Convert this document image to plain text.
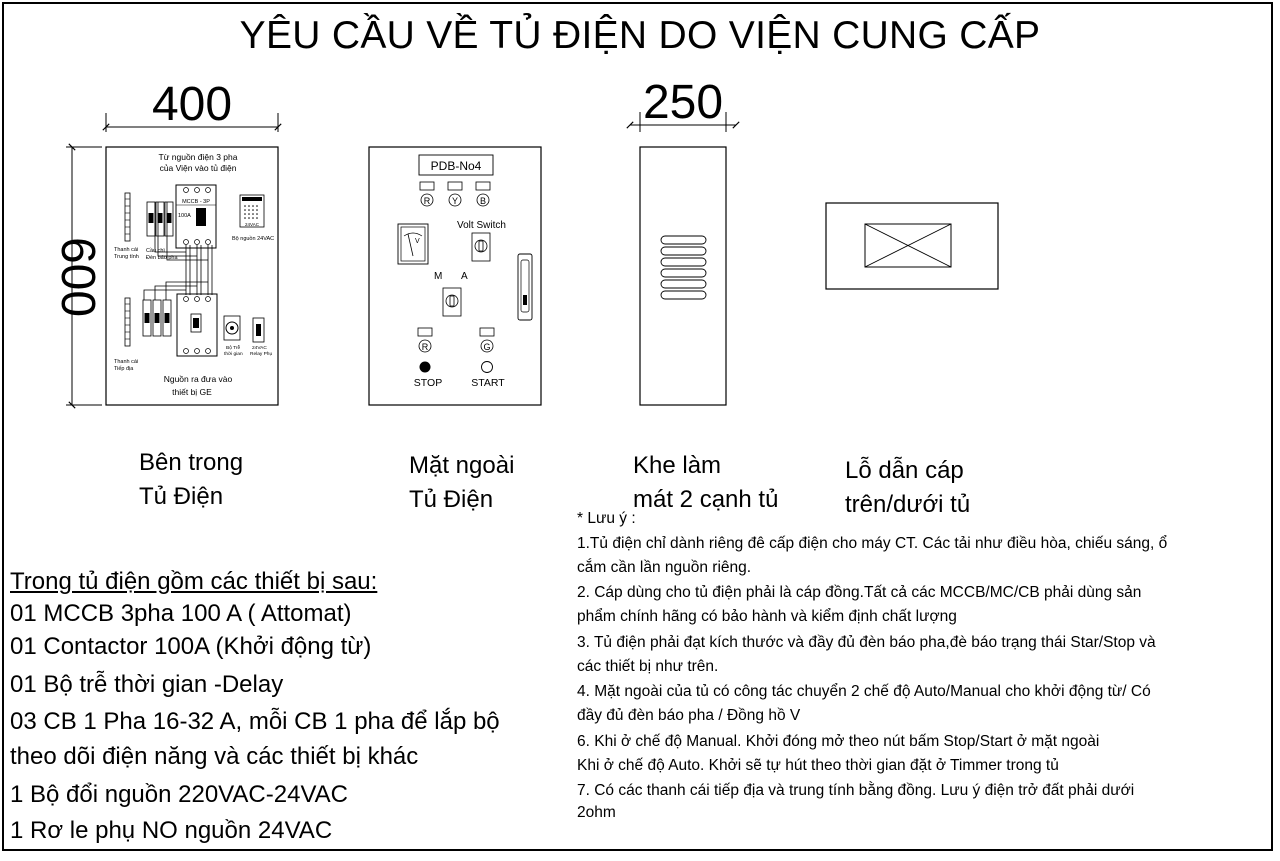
YÊU CẦU VỀ TỦ ĐIỆN DO VIỆN CUNG CẤP
400
600
250
Từ nguồn điện 3 pha
của Viện vào tủ điện
Thanh cái
Trung tính
Cầu chì
Đèn báo pha
MCCB - 3P
100A
24VAC
Bộ nguồn 24VAC
Thanh cái
Tiếp địa
Bộ Trễ
thời gian
24VAC
Relay Phụ
Nguồn ra đưa vào
thiết bị GE
PDB-No4
R Y B
Volt Switch
V
M A
R	G
STOP	START
Bên trong
Tủ Điện
Mặt ngoài
Tủ Điện
Khe làm
mát 2 cạnh tủ
Lỗ dẫn cáp
trên/dưới tủ
Trong tủ điện gồm các thiết bị sau:
01 MCCB 3pha 100 A ( Attomat)
01 Contactor 100A (Khởi động từ)
01 Bộ trễ thời gian -Delay
03 CB 1 Pha 16-32 A, mỗi CB 1 pha để lắp bộ
theo dõi điện năng và các thiết bị khác
1 Bộ đổi nguồn 220VAC-24VAC
1 Rơ le phụ NO nguồn 24VAC
* Lưu ý :
1.Tủ điện chỉ dành riêng đê cấp điện cho máy CT. Các tải như điều hòa, chiếu sáng, ổ
cắm cần lần nguồn riêng.
2. Cáp dùng cho tủ điện phải là cáp đồng.Tất cả các MCCB/MC/CB phải dùng sản
phẩm chính hãng có bảo hành và kiểm định chất lượng
3. Tủ điện phải đạt kích thước và đầy đủ đèn báo pha,đè báo trạng thái Star/Stop và
các thiết bị như trên.
4. Mặt ngoài của tủ có công tác chuyển 2 chế độ Auto/Manual cho khởi động từ/ Có
đầy đủ đèn báo pha / Đồng hồ V
6. Khi ở chế độ Manual. Khởi đóng mở theo nút bấm Stop/Start ở mặt ngoài
Khi ở chế độ Auto. Khởi sẽ tự hút theo thời gian đặt ở Timmer trong tủ
7. Có các thanh cái tiếp địa và trung tính bằng đồng. Lưu ý điện trở đất phải dưới
2ohm
